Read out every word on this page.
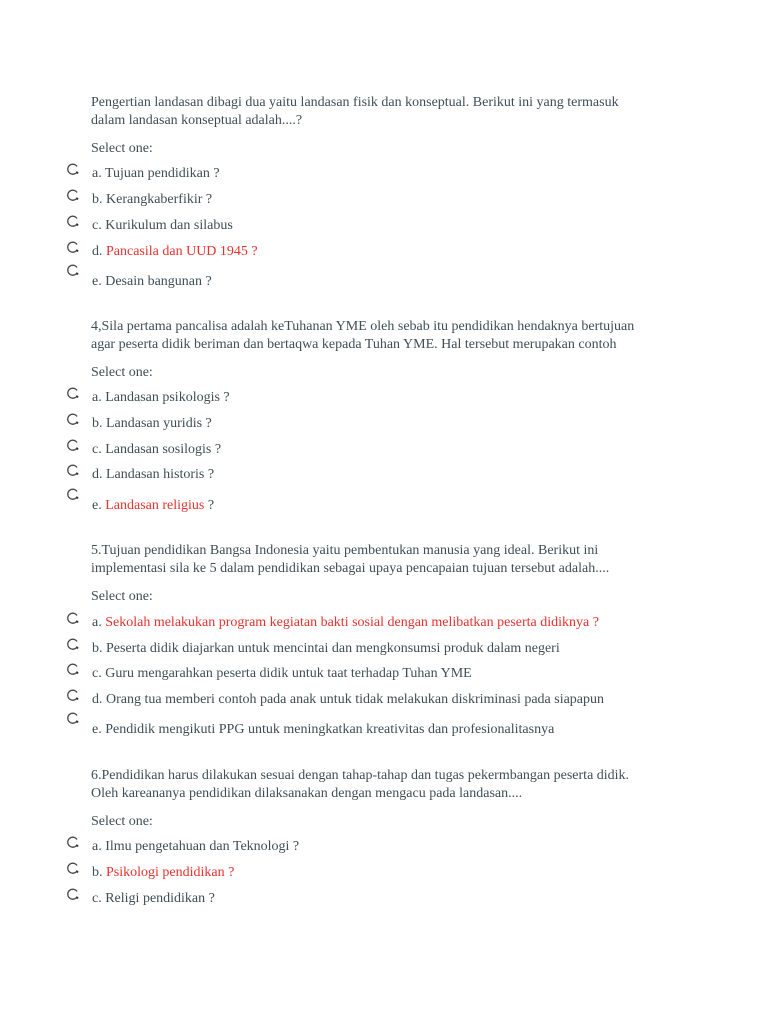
Pengertian landasan dibagi dua yaitu landasan fisik dan konseptual. Berikut ini yang termasuk
dalam landasan konseptual adalah....?
Select one:
a. Tujuan pendidikan ?
b. Kerangkaberfikir ?
c. Kurikulum dan silabus
d. Pancasila dan UUD 1945 ?
e. Desain bangunan ?
4,Sila pertama pancalisa adalah keTuhanan YME oleh sebab itu pendidikan hendaknya bertujuan
agar peserta didik beriman dan bertaqwa kepada Tuhan YME. Hal tersebut merupakan contoh
Select one:
a. Landasan psikologis ?
b. Landasan yuridis ?
c. Landasan sosilogis ?
d. Landasan historis ?
e. Landasan religius ?
5.Tujuan pendidikan Bangsa Indonesia yaitu pembentukan manusia yang ideal. Berikut ini
implementasi sila ke 5 dalam pendidikan sebagai upaya pencapaian tujuan tersebut adalah....
Select one:
a. Sekolah melakukan program kegiatan bakti sosial dengan melibatkan peserta didiknya ?
b. Peserta didik diajarkan untuk mencintai dan mengkonsumsi produk dalam negeri
c. Guru mengarahkan peserta didik untuk taat terhadap Tuhan YME
d. Orang tua memberi contoh pada anak untuk tidak melakukan diskriminasi pada siapapun
e. Pendidik mengikuti PPG untuk meningkatkan kreativitas dan profesionalitasnya
6.Pendidikan harus dilakukan sesuai dengan tahap-tahap dan tugas pekermbangan peserta didik.
Oleh kareananya pendidikan dilaksanakan dengan mengacu pada landasan....
Select one:
a. Ilmu pengetahuan dan Teknologi ?
b. Psikologi pendidikan ?
c. Religi pendidikan ?
